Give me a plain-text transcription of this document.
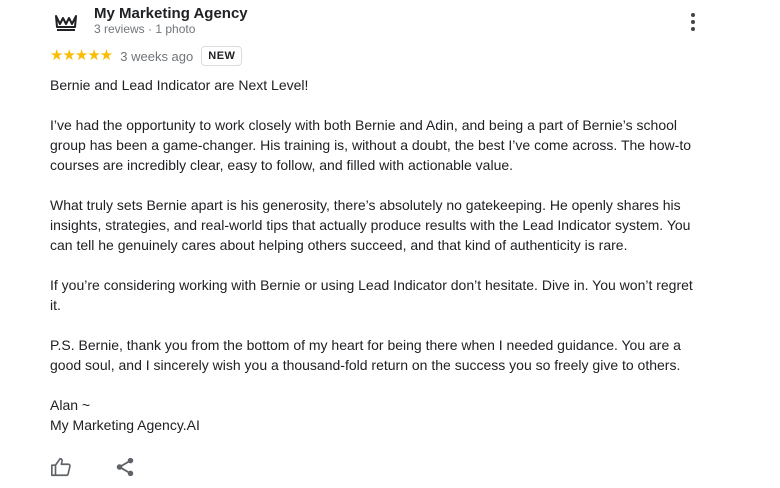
My Marketing Agency
3 reviews · 1 photo
★★★★★ 3 weeks ago	NEW

Bernie and Lead Indicator are Next Level!

I’ve had the opportunity to work closely with both Bernie and Adin, and being a part of Bernie’s school group has been a game-changer. His training is, without a doubt, the best I’ve come across. The how-to courses are incredibly clear, easy to follow, and filled with actionable value.

What truly sets Bernie apart is his generosity, there’s absolutely no gatekeeping. He openly shares his insights, strategies, and real-world tips that actually produce results with the Lead Indicator system. You can tell he genuinely cares about helping others succeed, and that kind of authenticity is rare.

If you’re considering working with Bernie or using Lead Indicator don’t hesitate. Dive in. You won’t regret it.

P.S. Bernie, thank you from the bottom of my heart for being there when I needed guidance. You are a good soul, and I sincerely wish you a thousand-fold return on the success you so freely give to others.

Alan ~
My Marketing Agency.AI
